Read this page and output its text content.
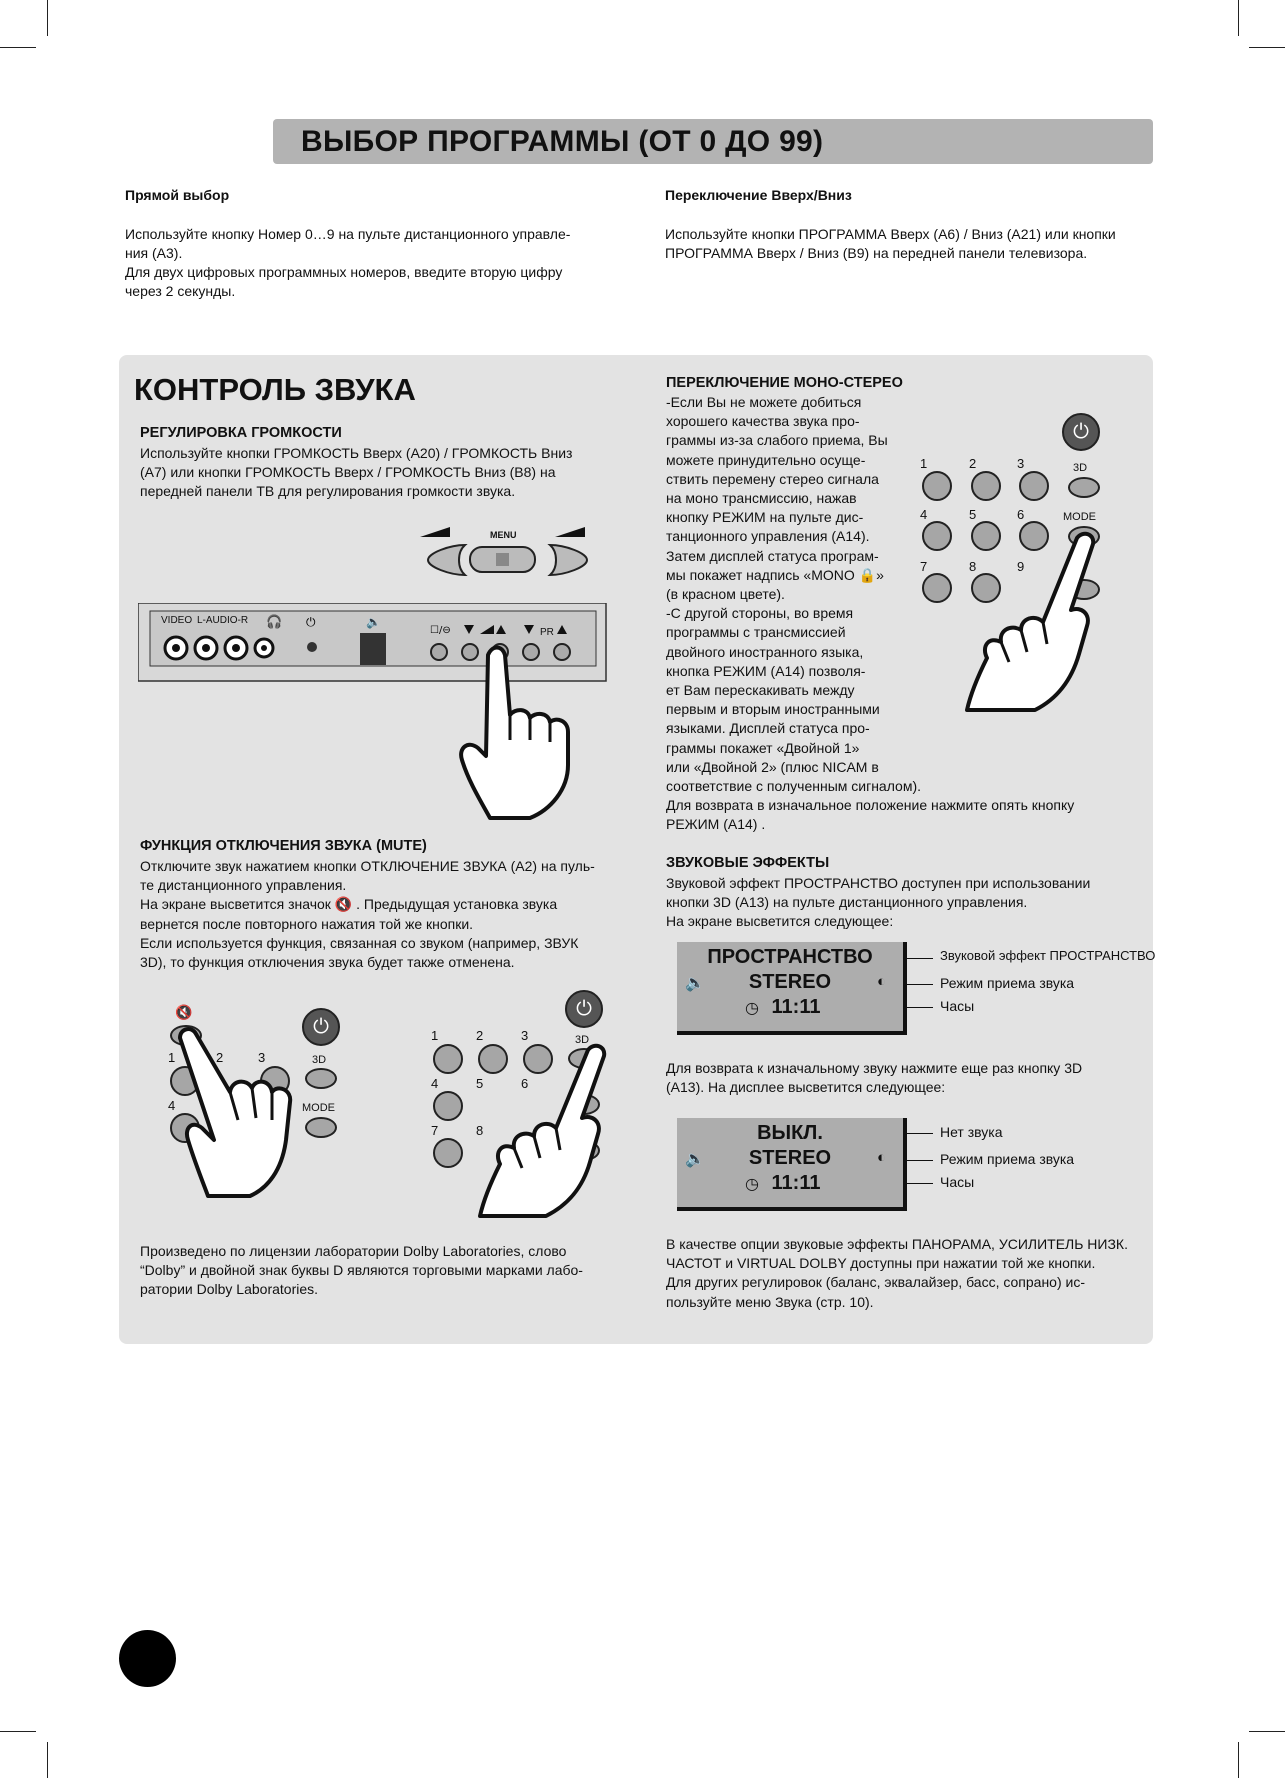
ВЫБОР ПРОГРАММЫ (ОТ 0 ДО 99)
Прямой выбор

Используйте кнопку Номер 0…9 на пульте дистанционного управле-

ния (A3).

Для двух цифровых программных номеров, введите вторую цифру

через 2 секунды.

Переключение Вверх/Вниз

Используйте кнопки ПРОГРАММА Вверх (A6) / Вниз (A21) или кнопки

ПРОГРАММА Вверх / Вниз (B9) на передней панели телевизора.

КОНТРОЛЬ ЗВУКА
РЕГУЛИРОВКА ГРОМКОСТИ

Используйте кнопки ГРОМКОСТЬ Вверх (A20) / ГРОМКОСТЬ Вниз

(A7) или кнопки ГРОМКОСТЬ Вверх / ГРОМКОСТЬ Вниз (B8) на

передней панели ТВ для регулирования громкости звука.

MENU
🎧 ⏻	🔈
☐/⊖
VIDEO L-AUDIO-R
PR
ФУНКЦИЯ ОТКЛЮЧЕНИЯ ЗВУКА (MUTE)

Отключите звук нажатием кнопки ОТКЛЮЧЕНИЕ ЗВУКА (A2) на пуль-

те дистанционного управления.

На экране высветится значок 🔇 . Предыдущая установка звука

вернется после повторного нажатия той же кнопки.

Если используется функция, связанная со звуком (например, ЗВУК

3D), то функция отключения звука будет также отменена.

🔇
⏻
1	2	3	3D
4	MODE
⏻
1	2	3	3D
4	5	6
7	8

Произведено по лицензии лаборатории Dolby Laboratories, слово

“Dolby” и двойной знак буквы D являются торговыми марками лабо-

ратории Dolby Laboratories.

ПЕРЕКЛЮЧЕНИЕ МОНО-СТЕРЕО

-Если Вы не можете добиться

хорошего качества звука про-

граммы из-за слабого приема, Вы

можете принудительно осуще-

ствить перемену стерео сигнала

на моно трансмиссию, нажав

кнопку РЕЖИМ на пульте дис-

танционного управления (A14).

Затем дисплей статуса програм-

мы покажет надпись «MONO 🔒»

(в красном цвете).

-С другой стороны, во время

программы с трансмиссией

двойного иностранного языка,

кнопка РЕЖИМ (A14) позволя-

ет Вам перескакивать между

первым и вторым иностранными

языками. Дисплей статуса про-

граммы покажет «Двойной 1»

или «Двойной 2» (плюс NICAM в

соответствие с полученным сигналом).

Для возврата в изначальное положение нажмите опять кнопку

РЕЖИМ (A14) .

⏻
1	2	3	3D
4	5	6	MODE
7	8	9
ЗВУКОВЫЕ ЭФФЕКТЫ

Звуковой эффект ПРОСТРАНСТВО доступен при использовании

кнопки 3D (A13) на пульте дистанционного управления.

На экране высветится следующее:

ПРОСТРАНСТВО
STEREO
11:11
◷
🔈	◐
Звуковой эффект ПРОСТРАНСТВО
Режим приема звука
Часы

Для возврата к изначальному звуку нажмите еще раз кнопку 3D

(A13). На дисплее высветится следующее:

ВЫКЛ.
STEREO
11:11
◷
🔈	◐
Нет звука
Режим приема звука
Часы

В качестве опции звуковые эффекты ПАНОРАМА, УСИЛИТЕЛЬ НИЗК.

ЧАСТОТ и VIRTUAL DOLBY доступны при нажатии той же кнопки.

Для других регулировок (баланс, эквалайзер, басс, сопрано) ис-

пользуйте меню Звука (стр. 10).
